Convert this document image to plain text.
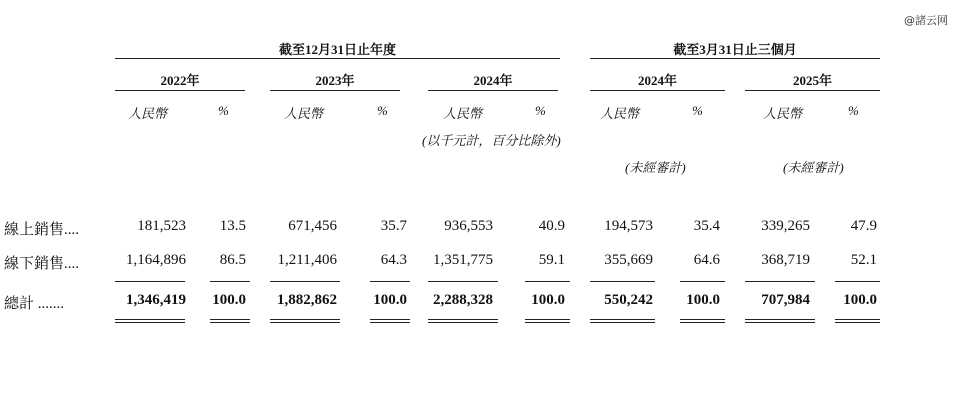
@諸云网
截至12月31日止年度	截至3月31日止三個月
2022年	2023年	2024年	2024年	2025年
人民幣	%	人民幣	%	人民幣	%	人民幣	%	人民幣	%
(以千元計，百分比除外)
(未經審計)	(未經審計)
線上銷售....	181,523 13.5	671,456	35.7 936,553	40.9	194,573	35.4	339,265	47.9
線下銷售....	1,164,896 86.5 1,211,406	64.3 1,351,775	59.1	355,669	64.6	368,719	52.1
總計 .......	1,346,419 100.0 1,882,862 100.0 2,288,328	100.0	550,242 100.0	707,984 100.0
